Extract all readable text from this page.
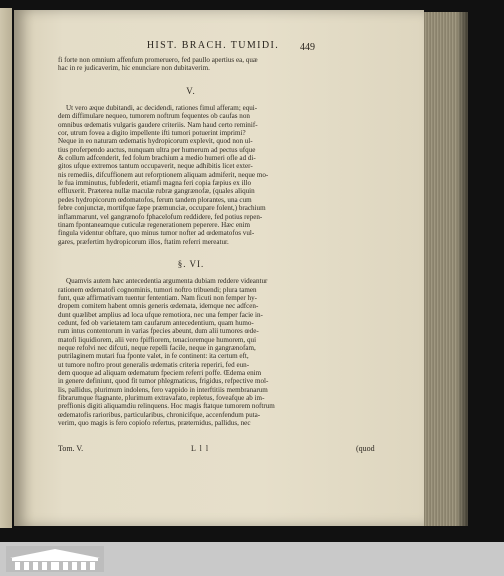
HIST. BRACH. TUMIDI.	449
fi forte non omnium affenfum promeruero, fed paullo apertius ea, quæ
hac in re judicaverim, hic enunciare non dubitaverim.
V.
Ut vero æque dubitandi, ac decidendi, rationes fimul afferam; equi-
dem diffimulare nequeo, tumorem noftrum fequentes ob caufas non
omnibus œdematis vulgaris gaudere criteriis. Nam haud certo reminif-
cor, utrum fovea a digito impellente ifti tumori potuerint imprimi?
Neque in eo naturam œdematis hydropicorum explevit, quod non ul-
tius proferpendo auctus, nunquam ultra per humerum ad pectus ufque
& collum adfcenderit, fed folum brachium a medio humeri ofle ad di-
gitos ufque extremos tantum occupaverit, neque adhibitis licet exter-
nis remediis, difcuffionem aut reforptionem aliquam admiferit, neque mo-
le fua imminutus, fubfederit, etiamfi magna feri copia fæpius ex illo
effluxerit. Præterea nullæ maculæ rubræ gangrænofæ, (quales aliquin
pedes hydropicorum œdomatofos, ferum tandem plorantes, una cum
febre conjunctæ, mortifque fæpe præmunciæ, occupare folent,) brachium
inflammarunt, vel gangrænofo fphacelofum reddidere, fed potius repen-
tinam fpontaneamque cuticulæ regenerationem peperere. Hæc enim
fingula videntur obftare, quo minus tumor nofter ad œdematofos vul-
gares, præfertim hydropicorum illos, ftatim referri mereatur.
§. VI.
Quamvis autem hæc antecedentia argumenta dubiam reddere videantur
rationem œdematofi cognominis, tumori noftro tribuendi; plura tamen
funt, quæ affirmativam tuentur fententiam. Nam ficuti non femper hy-
dropem comitem habent omnis generis œdemata, idemque nec adfcen-
dunt quælibet amplius ad loca ufque remotiora, nec una femper facie in-
cedunt, fed ob varietatem tam caufarum antecedentium, quam humo-
rum intus contentorum in varias fpecies abeunt, dum alii tumores œde-
matofi liquidiorem, alii vero fpiffiorem, tenacioremque humorem, qui
neque refolvi nec difcuti, neque repelli facile, neque in gangrænofam,
putrilaginem mutari fua fponte valet, in fe continent: ita certum eft,
ut tumore noftro prout generalis œdematis criteria reperiri, fed eun-
dem quoque ad aliquam œdematum fpeciem referri poffe. Œdema enim
in genere definiunt, quod fit tumor phlegmaticus, frigidus, refpective mol-
lis, pallidus, plurimum indolens, fero vappido in interftitiis membranarum
fibrarumque ftagnante, plurimum extravafato, repletus, foveafque ab im-
preffionis digiti aliquamdiu relinquens. Hoc magis ftatque tumorem noftrum
œdematofis rarioribus, particularibus, chronicifque, accenfendum puta-
verim, quo magis is fero copiofo refertus, præternidus, pallidus, nec
Tom. V.	L l l	(quod
